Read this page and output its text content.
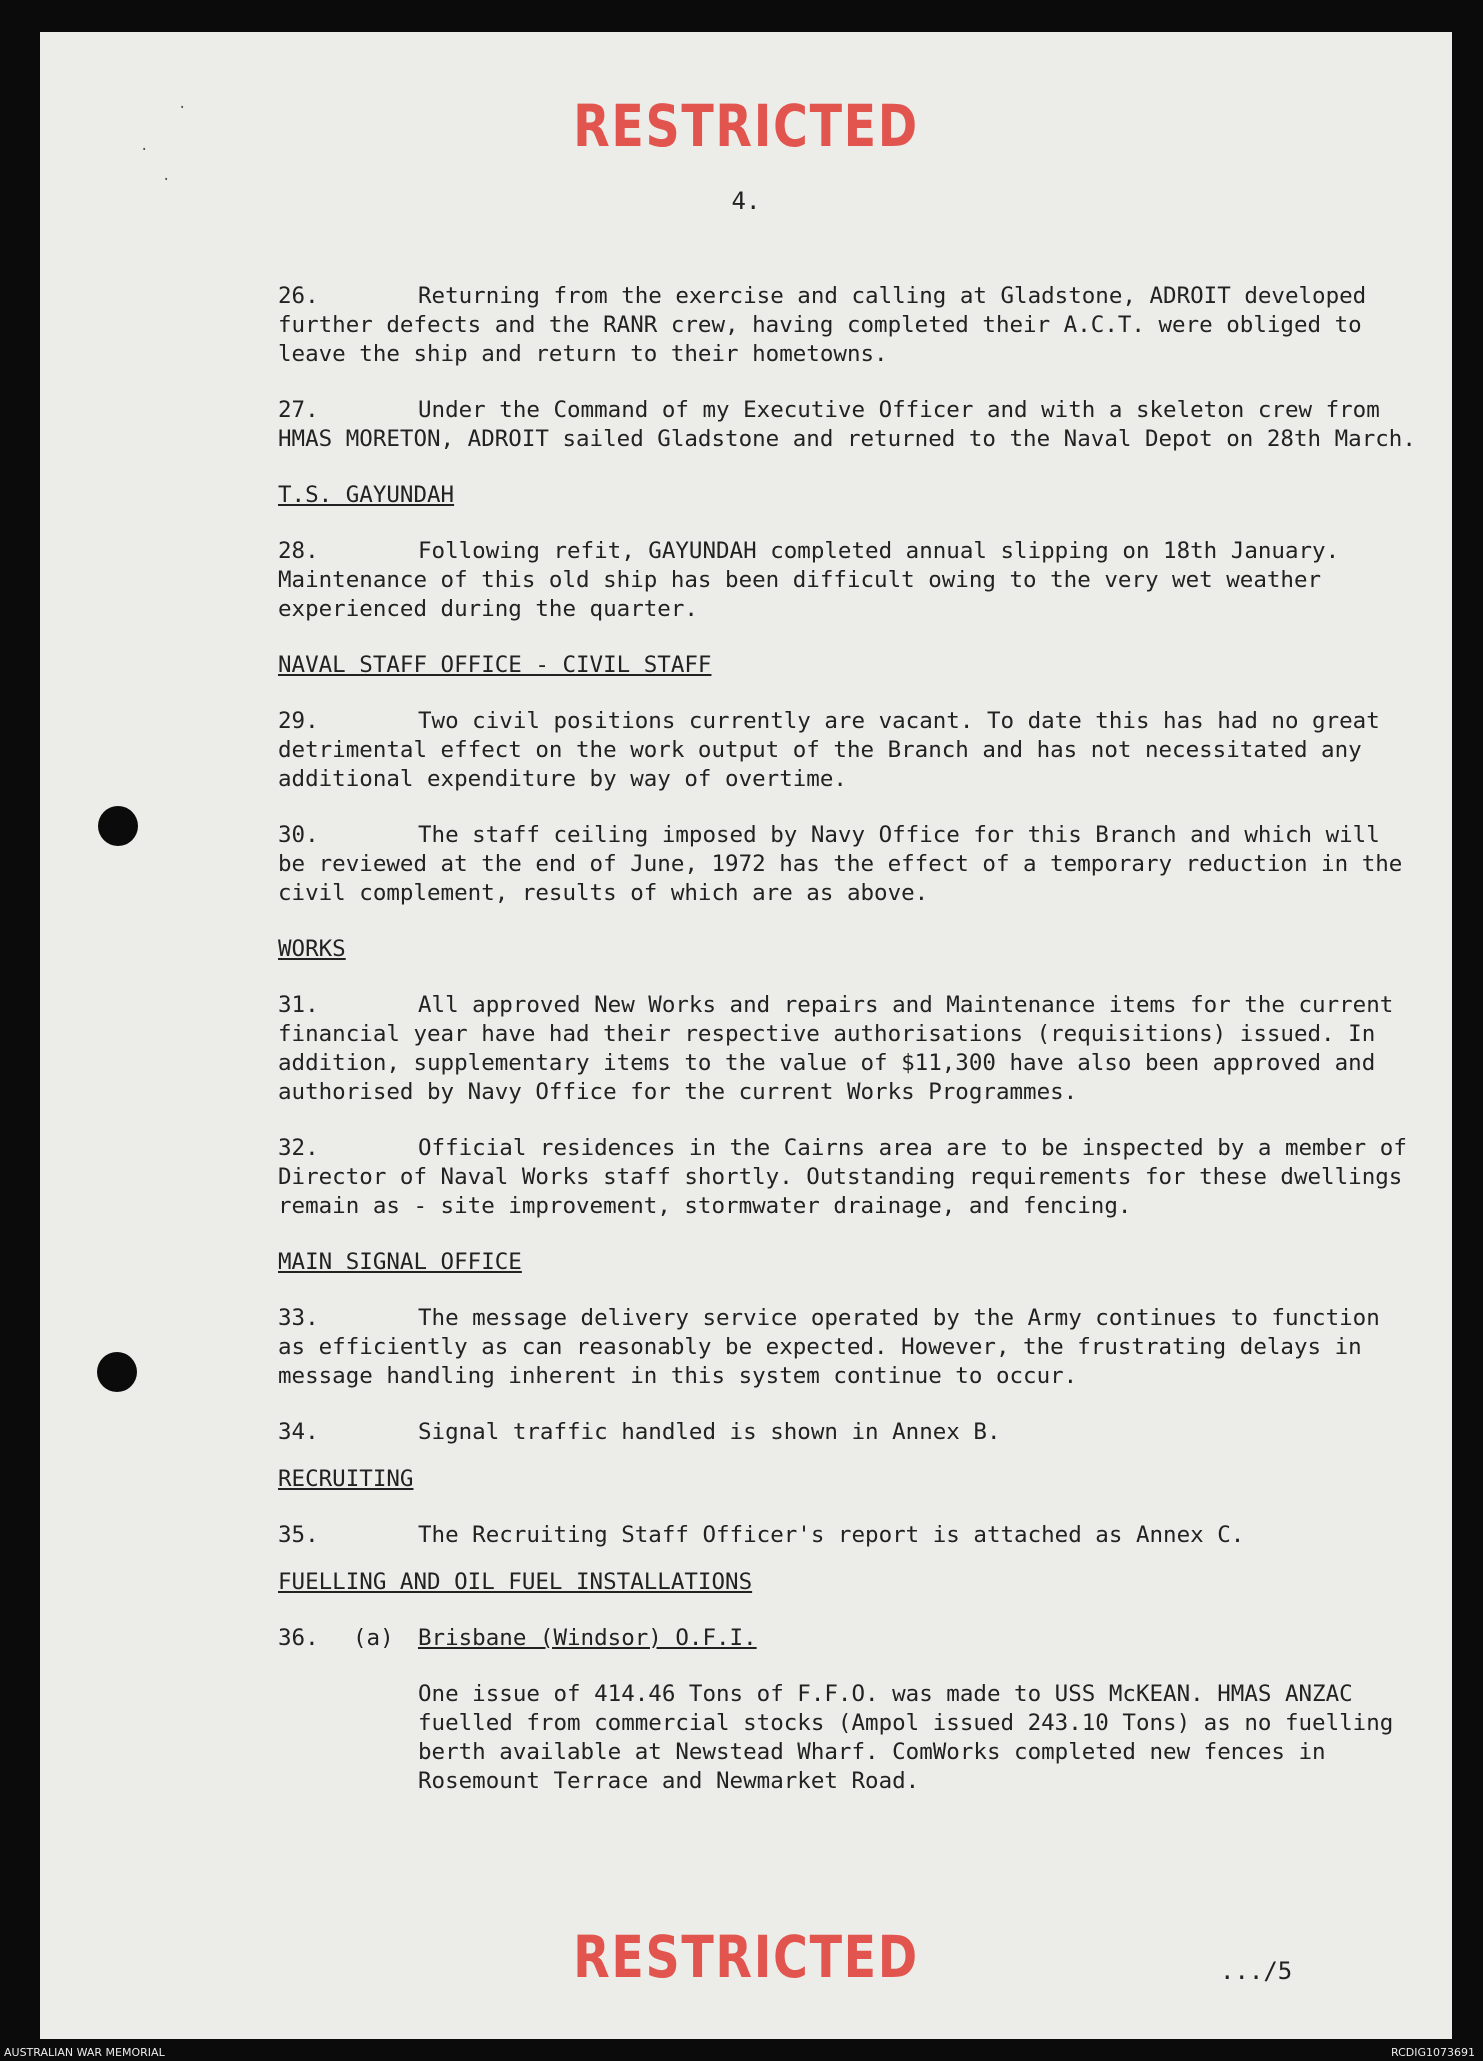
RESTRICTED
4.
·
·
·

26.	Returning from the exercise and calling at Gladstone, ADROIT developed further defects and the RANR crew, having completed their A.C.T. were obliged to leave the ship and return to their hometowns.

27.	Under the Command of my Executive Officer and with a skeleton crew from HMAS MORETON, ADROIT sailed Gladstone and returned to the Naval Depot on 28th March.

T.S. GAYUNDAH

28.	Following refit, GAYUNDAH completed annual slipping on 18th January. Maintenance of this old ship has been difficult owing to the very wet weather experienced during the quarter.

NAVAL STAFF OFFICE - CIVIL STAFF

29.	Two civil positions currently are vacant. To date this has had no great detrimental effect on the work output of the Branch and has not necessitated any additional expenditure by way of overtime.

30.	The staff ceiling imposed by Navy Office for this Branch and which will be reviewed at the end of June, 1972 has the effect of a temporary reduction in the civil complement, results of which are as above.

WORKS

31.	All approved New Works and repairs and Maintenance items for the current financial year have had their respective authorisations (requisitions) issued. In addition, supplementary items to the value of $11,300 have also been approved and authorised by Navy Office for the current Works Programmes.

32.	Official residences in the Cairns area are to be inspected by a member of Director of Naval Works staff shortly. Outstanding requirements for these dwellings remain as - site improvement, stormwater drainage, and fencing.

MAIN SIGNAL OFFICE

33.	The message delivery service operated by the Army continues to function as efficiently as can reasonably be expected. However, the frustrating delays in message handling inherent in this system continue to occur.

34.	Signal traffic handled is shown in Annex B.

RECRUITING

35.	The Recruiting Staff Officer's report is attached as Annex C.

FUELLING AND OIL FUEL INSTALLATIONS

36. (a) Brisbane (Windsor) O.F.I.

One issue of 414.46 Tons of F.F.O. was made to USS McKEAN. HMAS ANZAC fuelled from commercial stocks (Ampol issued 243.10 Tons) as no fuelling berth available at Newstead Wharf. ComWorks completed new fences in Rosemount Terrace and Newmarket Road.

RESTRICTED	.../5
AUSTRALIAN WAR MEMORIAL	RCDIG1073691
